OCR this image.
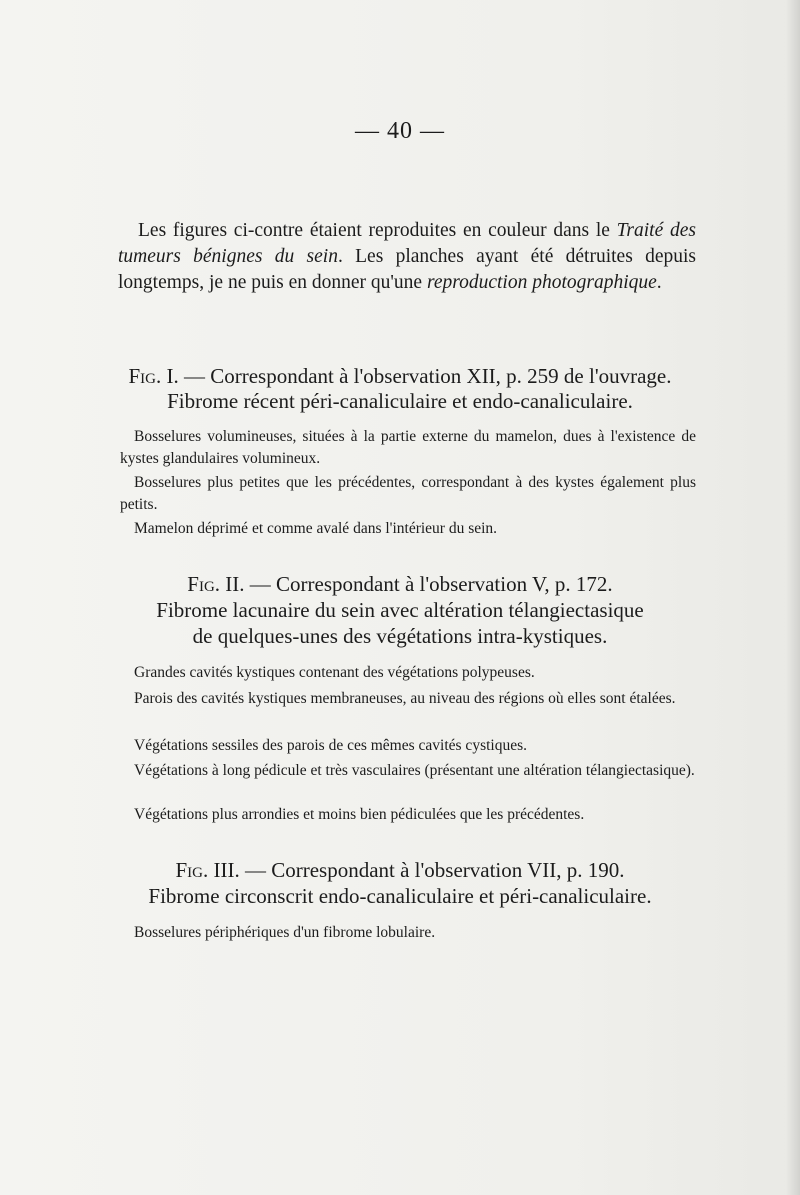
— 40 —

Les figures ci-contre étaient reproduites en couleur dans le Traité des tumeurs bénignes du sein. Les planches ayant été détruites depuis longtemps, je ne puis en donner qu'une reproduction photographique.

Fig. I. — Correspondant à l'observation XII, p. 259 de l'ouvrage.
Fibrome récent péri-canaliculaire et endo-canaliculaire.

Bosselures volumineuses, situées à la partie externe du mamelon, dues à l'existence de kystes glandulaires volumineux.

Bosselures plus petites que les précédentes, correspondant à des kystes également plus petits.

Mamelon déprimé et comme avalé dans l'intérieur du sein.

Fig. II. — Correspondant à l'observation V, p. 172.
Fibrome lacunaire du sein avec altération télangiectasique
de quelques-unes des végétations intra-kystiques.

Grandes cavités kystiques contenant des végétations polypeuses.

Parois des cavités kystiques membraneuses, au niveau des régions où elles sont étalées.

Végétations sessiles des parois de ces mêmes cavités cystiques.

Végétations à long pédicule et très vasculaires (présentant une altération télangiectasique).

Végétations plus arrondies et moins bien pédiculées que les précédentes.

Fig. III. — Correspondant à l'observation VII, p. 190.
Fibrome circonscrit endo-canaliculaire et péri-canaliculaire.

Bosselures périphériques d'un fibrome lobulaire.
